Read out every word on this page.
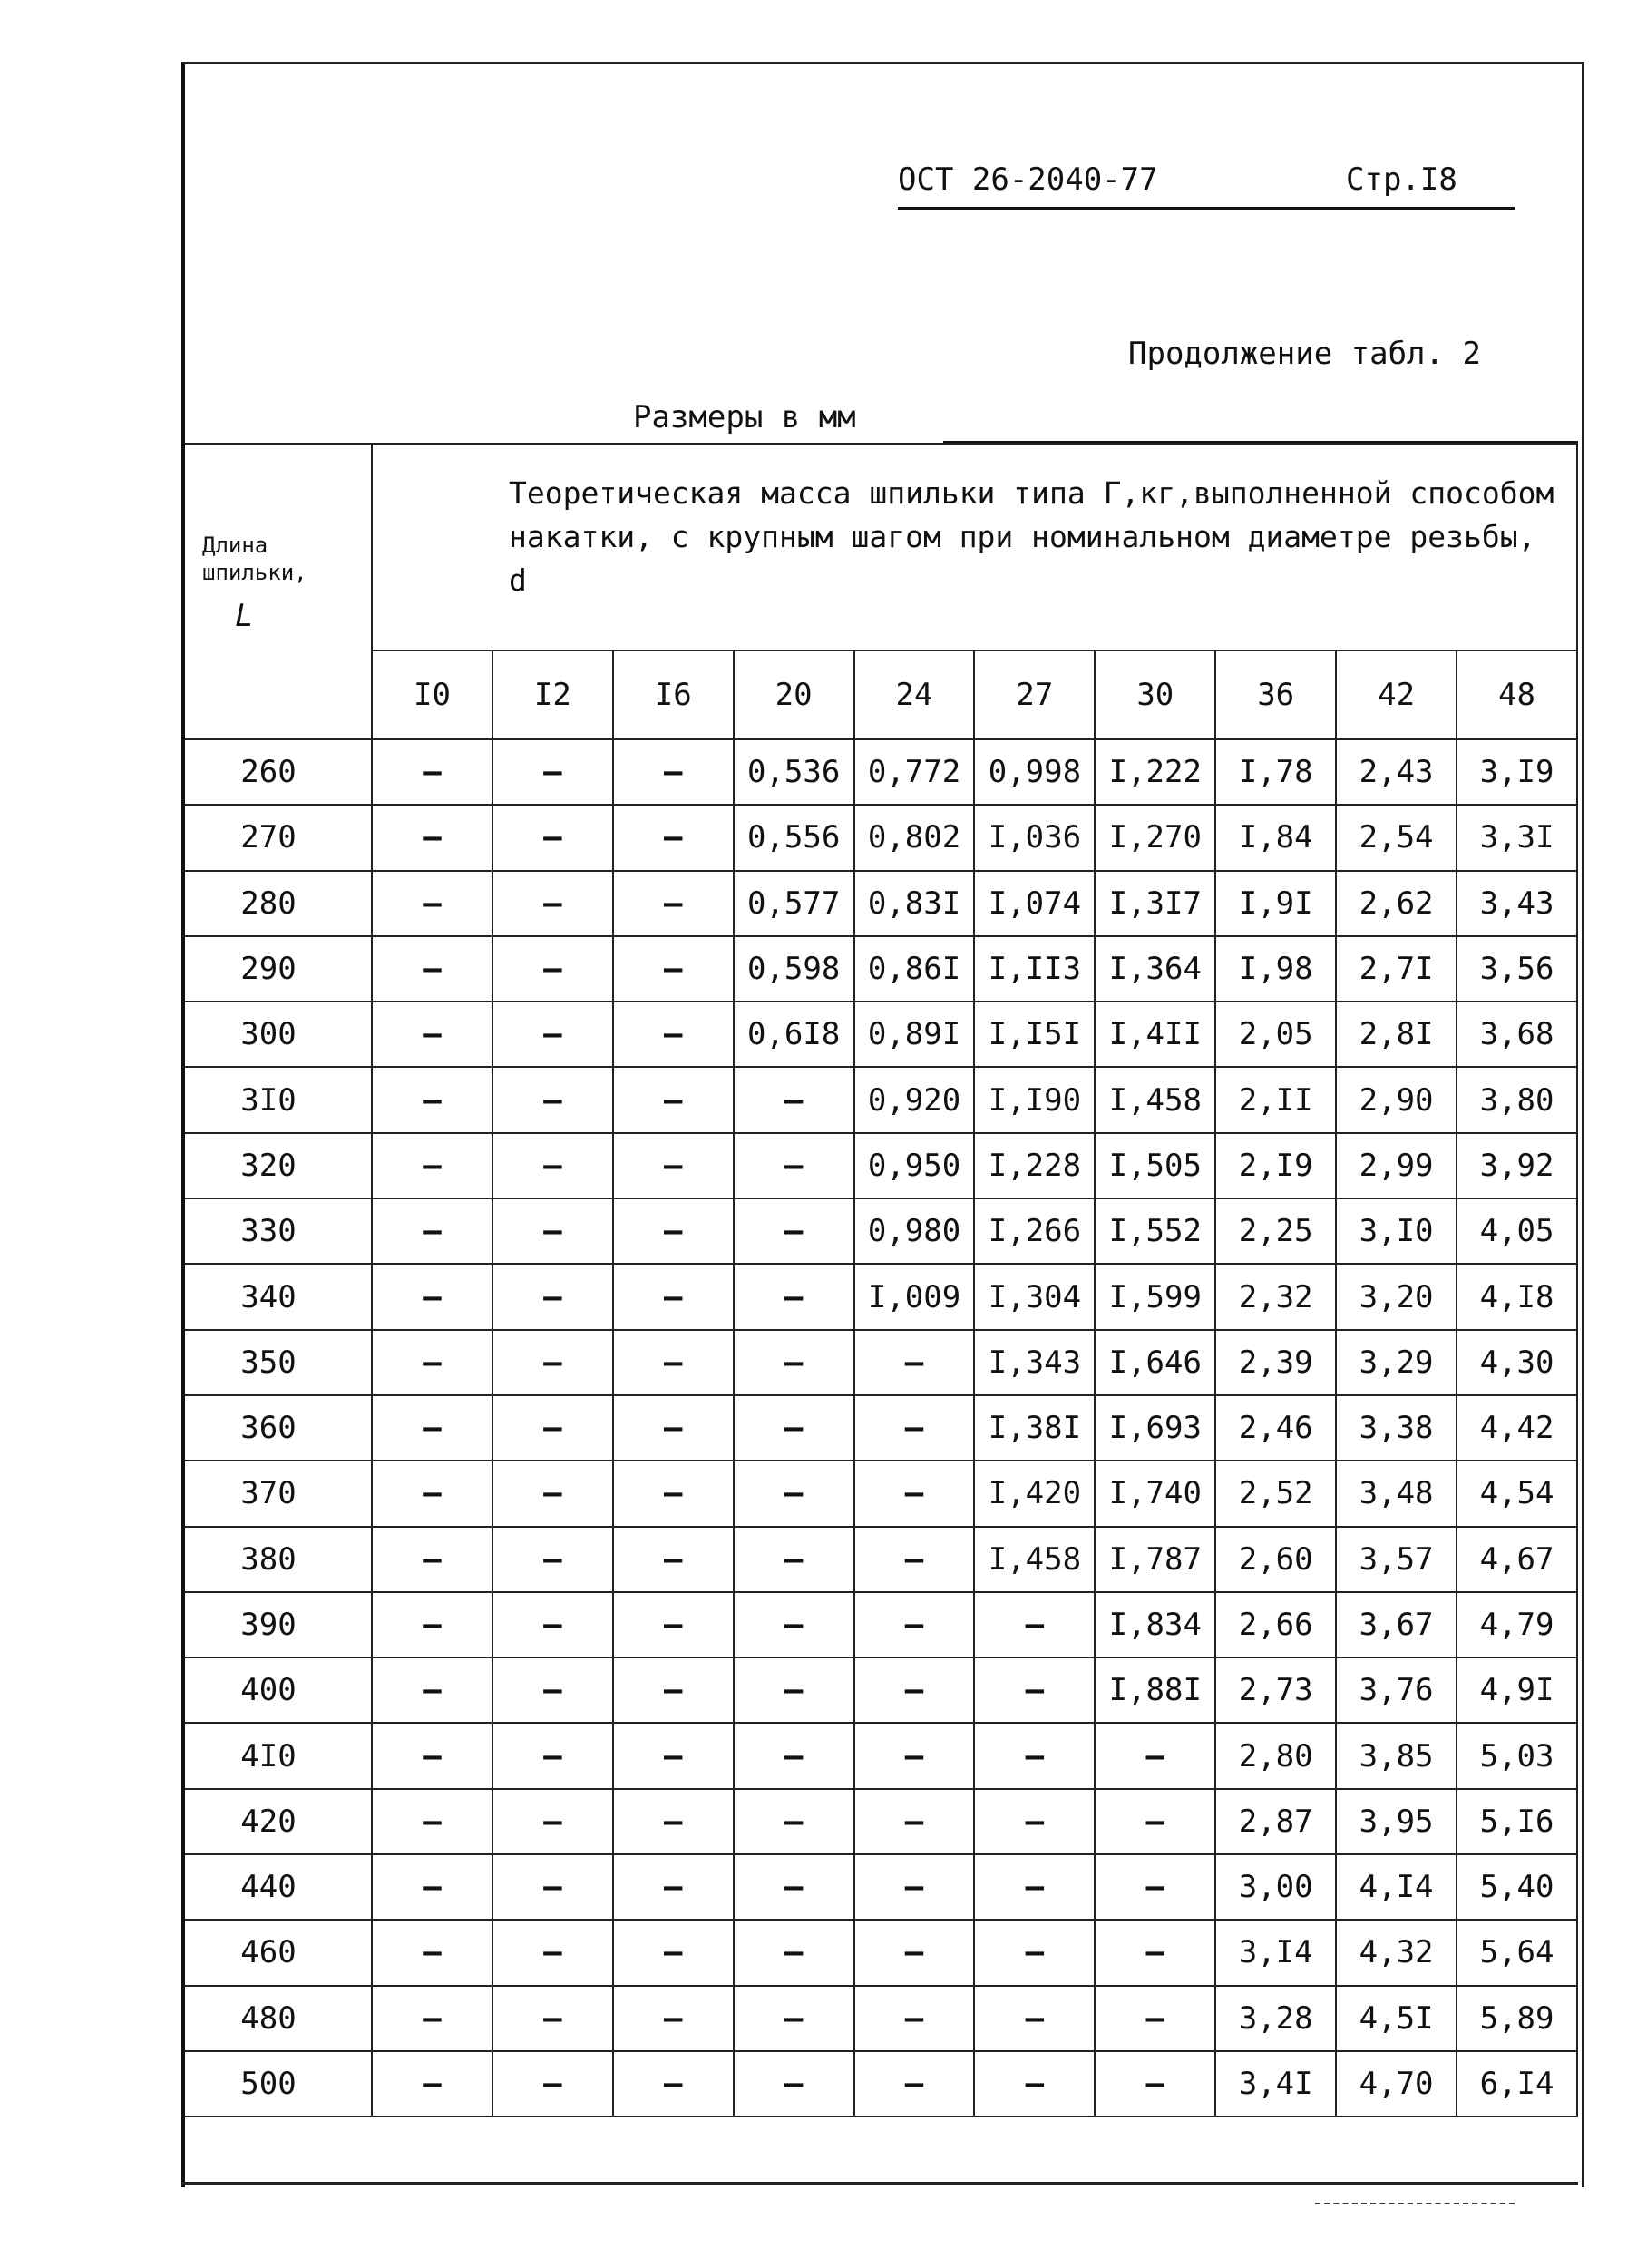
ОСТ 26-2040-77	Стр.I8
Продолжение табл. 2
Размеры в мм
Длина шпильки,
L	Теоретическая масса шпильки типа Г,кг,выполненной способом накатки, с крупным шагом при номинальном диаметре резьбы, d									
	I0	I2	I6	20	24	27	30	36	42	48
260	–	–	–	0,536	0,772	0,998	I,222	I,78	2,43	3,I9
270	–	–	–	0,556	0,802	I,036	I,270	I,84	2,54	3,3I
280	–	–	–	0,577	0,83I	I,074	I,3I7	I,9I	2,62	3,43
290	–	–	–	0,598	0,86I	I,II3	I,364	I,98	2,7I	3,56
300	–	–	–	0,6I8	0,89I	I,I5I	I,4II	2,05	2,8I	3,68
3I0	–	–	–	–	0,920	I,I90	I,458	2,II	2,90	3,80
320	–	–	–	–	0,950	I,228	I,505	2,I9	2,99	3,92
330	–	–	–	–	0,980	I,266	I,552	2,25	3,I0	4,05
340	–	–	–	–	I,009	I,304	I,599	2,32	3,20	4,I8
350	–	–	–	–	–	I,343	I,646	2,39	3,29	4,30
360	–	–	–	–	–	I,38I	I,693	2,46	3,38	4,42
370	–	–	–	–	–	I,420	I,740	2,52	3,48	4,54
380	–	–	–	–	–	I,458	I,787	2,60	3,57	4,67
390	–	–	–	–	–	–	I,834	2,66	3,67	4,79
400	–	–	–	–	–	–	I,88I	2,73	3,76	4,9I
4I0	–	–	–	–	–	–	–	2,80	3,85	5,03
420	–	–	–	–	–	–	–	2,87	3,95	5,I6
440	–	–	–	–	–	–	–	3,00	4,I4	5,40
460	–	–	–	–	–	–	–	3,I4	4,32	5,64
480	–	–	–	–	–	–	–	3,28	4,5I	5,89
500	–	–	–	–	–	–	–	3,4I	4,70	6,I4
